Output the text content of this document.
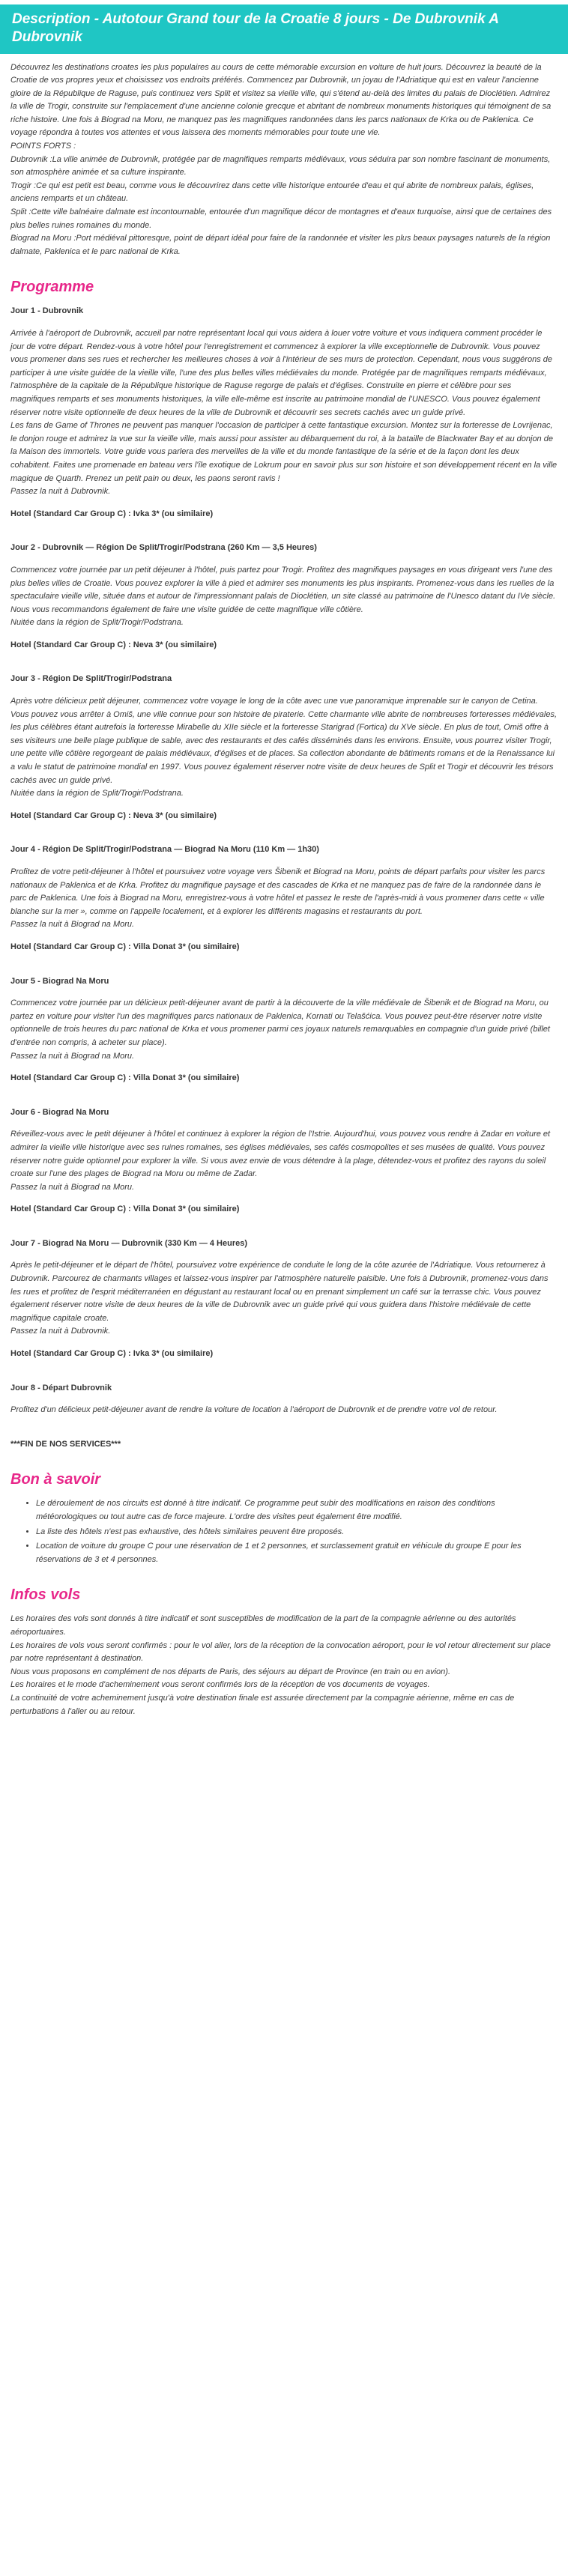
Description - Autotour Grand tour de la Croatie 8 jours - De Dubrovnik A Dubrovnik

Découvrez les destinations croates les plus populaires au cours de cette mémorable excursion en voiture de huit jours. Découvrez la beauté de la Croatie de vos propres yeux et choisissez vos endroits préférés. Commencez par Dubrovnik, un joyau de l'Adriatique qui est en valeur l'ancienne gloire de la République de Raguse, puis continuez vers Split et visitez sa vieille ville, qui s'étend au-delà des limites du palais de Dioclétien. Admirez la ville de Trogir, construite sur l'emplacement d'une ancienne colonie grecque et abritant de nombreux monuments historiques qui témoignent de sa riche histoire. Une fois à Biograd na Moru, ne manquez pas les magnifiques randonnées dans les parcs nationaux de Krka ou de Paklenica. Ce voyage répondra à toutes vos attentes et vous laissera des moments mémorables pour toute une vie.

POINTS FORTS :

Dubrovnik :La ville animée de Dubrovnik, protégée par de magnifiques remparts médiévaux, vous séduira par son nombre fascinant de monuments, son atmosphère animée et sa culture inspirante.

Trogir :Ce qui est petit est beau, comme vous le découvrirez dans cette ville historique entourée d'eau et qui abrite de nombreux palais, églises, anciens remparts et un château.

Split :Cette ville balnéaire dalmate est incontournable, entourée d'un magnifique décor de montagnes et d'eaux turquoise, ainsi que de certaines des plus belles ruines romaines du monde.

Biograd na Moru :Port médiéval pittoresque, point de départ idéal pour faire de la randonnée et visiter les plus beaux paysages naturels de la région dalmate, Paklenica et le parc national de Krka.

Programme
Jour 1 - Dubrovnik

Arrivée à l'aéroport de Dubrovnik, accueil par notre représentant local qui vous aidera à louer votre voiture et vous indiquera comment procéder le jour de votre départ. Rendez-vous à votre hôtel pour l'enregistrement et commencez à explorer la ville exceptionnelle de Dubrovnik. Vous pouvez vous promener dans ses rues et rechercher les meilleures choses à voir à l'intérieur de ses murs de protection. Cependant, nous vous suggérons de participer à une visite guidée de la vieille ville, l'une des plus belles villes médiévales du monde. Protégée par de magnifiques remparts médiévaux, l'atmosphère de la capitale de la République historique de Raguse regorge de palais et d'églises. Construite en pierre et célèbre pour ses magnifiques remparts et ses monuments historiques, la ville elle-même est inscrite au patrimoine mondial de l'UNESCO. Vous pouvez également réserver notre visite optionnelle de deux heures de la ville de Dubrovnik et découvrir ses secrets cachés avec un guide privé.

Les fans de Game of Thrones ne peuvent pas manquer l'occasion de participer à cette fantastique excursion. Montez sur la forteresse de Lovrijenac, le donjon rouge et admirez la vue sur la vieille ville, mais aussi pour assister au débarquement du roi, à la bataille de Blackwater Bay et au donjon de la Maison des immortels. Votre guide vous parlera des merveilles de la ville et du monde fantastique de la série et de la façon dont les deux cohabitent. Faites une promenade en bateau vers l'île exotique de Lokrum pour en savoir plus sur son histoire et son développement récent en la ville magique de Quarth. Prenez un petit pain ou deux, les paons seront ravis !

Passez la nuit à Dubrovnik.

Hotel (Standard Car Group C) : Ivka 3* (ou similaire)
Jour 2 - Dubrovnik — Région De Split/Trogir/Podstrana (260 Km — 3,5 Heures)

Commencez votre journée par un petit déjeuner à l'hôtel, puis partez pour Trogir. Profitez des magnifiques paysages en vous dirigeant vers l'une des plus belles villes de Croatie. Vous pouvez explorer la ville à pied et admirer ses monuments les plus inspirants. Promenez-vous dans les ruelles de la spectaculaire vieille ville, située dans et autour de l'impressionnant palais de Dioclétien, un site classé au patrimoine de l'Unesco datant du IVe siècle. Nous vous recommandons également de faire une visite guidée de cette magnifique ville côtière.

Nuitée dans la région de Split/Trogir/Podstrana.

Hotel (Standard Car Group C) : Neva 3* (ou similaire)
Jour 3 - Région De Split/Trogir/Podstrana

Après votre délicieux petit déjeuner, commencez votre voyage le long de la côte avec une vue panoramique imprenable sur le canyon de Cetina. Vous pouvez vous arrêter à Omiš, une ville connue pour son histoire de piraterie. Cette charmante ville abrite de nombreuses forteresses médiévales, les plus célèbres étant autrefois la forteresse Mirabelle du XIIe siècle et la forteresse Starigrad (Fortica) du XVe siècle. En plus de tout, Omiš offre à ses visiteurs une belle plage publique de sable, avec des restaurants et des cafés disséminés dans les environs. Ensuite, vous pourrez visiter Trogir, une petite ville côtière regorgeant de palais médiévaux, d'églises et de places. Sa collection abondante de bâtiments romans et de la Renaissance lui a valu le statut de patrimoine mondial en 1997. Vous pouvez également réserver notre visite de deux heures de Split et Trogir et découvrir les trésors cachés avec un guide privé.

Nuitée dans la région de Split/Trogir/Podstrana.

Hotel (Standard Car Group C) : Neva 3* (ou similaire)
Jour 4 - Région De Split/Trogir/Podstrana — Biograd Na Moru (110 Km — 1h30)

Profitez de votre petit-déjeuner à l'hôtel et poursuivez votre voyage vers Šibenik et Biograd na Moru, points de départ parfaits pour visiter les parcs nationaux de Paklenica et de Krka. Profitez du magnifique paysage et des cascades de Krka et ne manquez pas de faire de la randonnée dans le parc de Paklenica. Une fois à Biograd na Moru, enregistrez-vous à votre hôtel et passez le reste de l'après-midi à vous promener dans cette « ville blanche sur la mer », comme on l'appelle localement, et à explorer les différents magasins et restaurants du port.

Passez la nuit à Biograd na Moru.

Hotel (Standard Car Group C) : Villa Donat 3* (ou similaire)
Jour 5 - Biograd Na Moru

Commencez votre journée par un délicieux petit-déjeuner avant de partir à la découverte de la ville médiévale de Šibenik et de Biograd na Moru, ou partez en voiture pour visiter l'un des magnifiques parcs nationaux de Paklenica, Kornati ou Telašćica. Vous pouvez peut-être réserver notre visite optionnelle de trois heures du parc national de Krka et vous promener parmi ces joyaux naturels remarquables en compagnie d'un guide privé (billet d'entrée non compris, à acheter sur place).

Passez la nuit à Biograd na Moru.

Hotel (Standard Car Group C) : Villa Donat 3* (ou similaire)
Jour 6 - Biograd Na Moru

Réveillez-vous avec le petit déjeuner à l'hôtel et continuez à explorer la région de l'Istrie. Aujourd'hui, vous pouvez vous rendre à Zadar en voiture et admirer la vieille ville historique avec ses ruines romaines, ses églises médiévales, ses cafés cosmopolites et ses musées de qualité. Vous pouvez réserver notre guide optionnel pour explorer la ville. Si vous avez envie de vous détendre à la plage, détendez-vous et profitez des rayons du soleil croate sur l'une des plages de Biograd na Moru ou même de Zadar.

Passez la nuit à Biograd na Moru.

Hotel (Standard Car Group C) : Villa Donat 3* (ou similaire)
Jour 7 - Biograd Na Moru — Dubrovnik (330 Km — 4 Heures)

Après le petit-déjeuner et le départ de l'hôtel, poursuivez votre expérience de conduite le long de la côte azurée de l'Adriatique. Vous retournerez à Dubrovnik. Parcourez de charmants villages et laissez-vous inspirer par l'atmosphère naturelle paisible. Une fois à Dubrovnik, promenez-vous dans les rues et profitez de l'esprit méditerranéen en dégustant au restaurant local ou en prenant simplement un café sur la terrasse chic. Vous pouvez également réserver notre visite de deux heures de la ville de Dubrovnik avec un guide privé qui vous guidera dans l'histoire médiévale de cette magnifique capitale croate.

Passez la nuit à Dubrovnik.

Hotel (Standard Car Group C) : Ivka 3* (ou similaire)
Jour 8 - Départ Dubrovnik

Profitez d'un délicieux petit-déjeuner avant de rendre la voiture de location à l'aéroport de Dubrovnik et de prendre votre vol de retour.

***FIN DE NOS SERVICES***
Bon à savoir
• Le déroulement de nos circuits est donné à titre indicatif. Ce programme peut subir des modifications en raison des conditions météorologiques ou tout autre cas de force majeure. L'ordre des visites peut également être modifié.
• La liste des hôtels n'est pas exhaustive, des hôtels similaires peuvent être proposés.
• Location de voiture du groupe C pour une réservation de 1 et 2 personnes, et surclassement gratuit en véhicule du groupe E pour les réservations de 3 et 4 personnes.
Infos vols

Les horaires des vols sont donnés à titre indicatif et sont susceptibles de modification de la part de la compagnie aérienne ou des autorités aéroportuaires.

Les horaires de vols vous seront confirmés : pour le vol aller, lors de la réception de la convocation aéroport, pour le vol retour directement sur place par notre représentant à destination.

Nous vous proposons en complément de nos départs de Paris, des séjours au départ de Province (en train ou en avion).

Les horaires et le mode d'acheminement vous seront confirmés lors de la réception de vos documents de voyages.

La continuité de votre acheminement jusqu'à votre destination finale est assurée directement par la compagnie aérienne, même en cas de perturbations à l'aller ou au retour.
